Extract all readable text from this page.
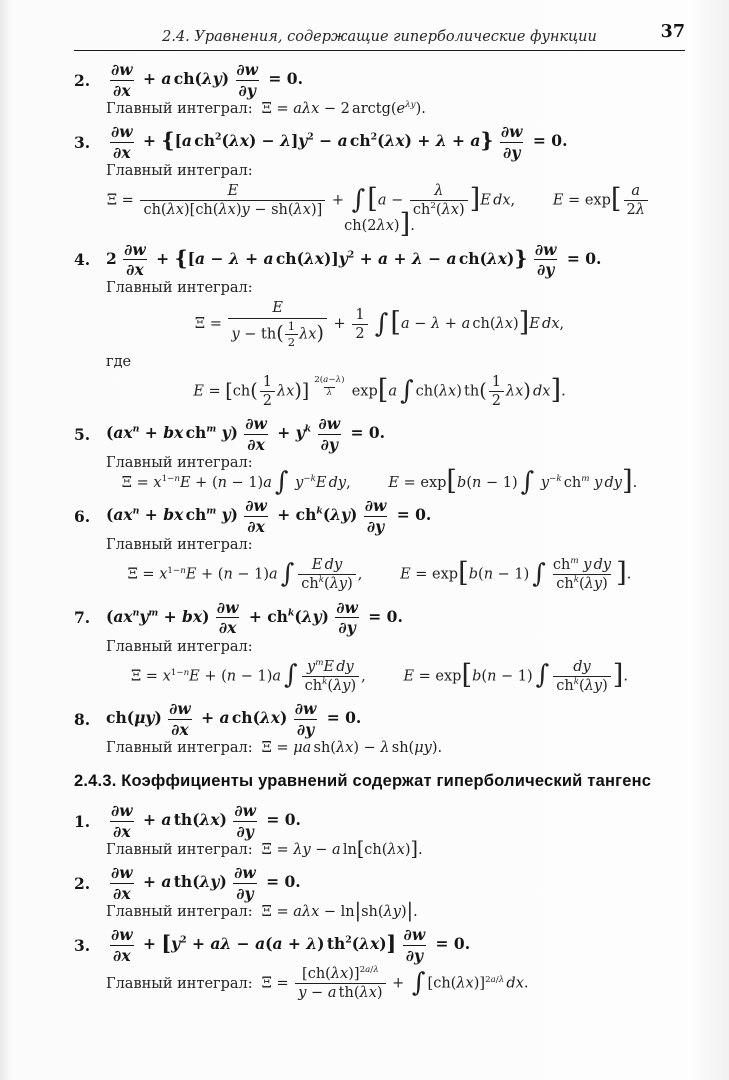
2.4. Уравнения, содержащие гиперболические функции	37
2.	$\frac{\partial w}{\partial x} + a$ $ch(\lambda y) \frac{\partial w}{\partial y} = 0$.
Главный интеграл: Ξ = aλx − 2 $arctg(e^{\lambda y})$.
3.	$\frac{\partial w}{\partial x} + \{[a$ $ch^2(\lambda x) - \lambda]y^2 - a$ $ch^2(\lambda x) + \lambda + a\} \frac{\partial w}{\partial y} = 0$.
Главный интеграл:
$\Xi = \frac{E}{ch(\lambda x)[ch(\lambda x)y - sh(\lambda x)]} + \int[a - \frac{\lambda}{ch^2(\lambda x)} ]E$ dx,	$E = \exp[ \frac{a}{2\lambda}$
ch(2λx)].
4.	$2 \frac{\partial w}{\partial x} + \{[a - \lambda + a$ $ch(\lambda x)]y^2 + a + \lambda - a$ $ch(\lambda x)\} \frac{\partial w}{\partial y} = 0$.
Главный интеграл:
$\Xi = \frac{E}{y - th( \frac{1}{2} \lambda x)} + \frac{1}{2} \int[a - \lambda + a$ ch(λx)]E dx,
где
$E = [ch( \frac{1}{2} \lambda x)]$ $^{\frac{2(a-\lambda)}{\lambda}}$ exp[a ∫ ch(λx) $th( \frac{1}{2} \lambda x)$ dx].
5.	($ax^n$ + bx $ch^m$ $y) \frac{\partial w}{\partial x} + y^k \frac{\partial w}{\partial y} = 0$.
Главный интеграл:
$\Xi = x^{1-n}E + (n - 1)a$ ∫ $y^{-k}E$ dy,	E = exp[b(n − 1) ∫ $y^{-k}$ $ch^m$ y dy].
6.	($ax^n$ + bx $ch^m$ $y) \frac{\partial w}{\partial x} + ch^k(\lambda y) \frac{\partial w}{\partial y} = 0$.
Главный интеграл:
$\Xi = x^{1-n}E + (n - 1)a$ ∫ $\frac{\text{E dy}}{ch^k(\lambda y)}$ ,	E = exp[b(n − 1) ∫ $\frac{ch^m y dy}{ch^k(\lambda y)}$ ].
7.	$(ax^ny^m + bx) \frac{\partial w}{\partial x} + ch^k(\lambda y) \frac{\partial w}{\partial y} = 0$.
Главный интеграл:
$\Xi = x^{1-n}E + (n - 1)a$ ∫ $\frac{y^mE dy}{ch^k(\lambda y)}$ ,	E = exp[b(n − 1) ∫ $\frac{dy}{ch^k(\lambda y)}$ ].
8.	$ch(\mu y) \frac{\partial w}{\partial x} + a$ $ch(\lambda x) \frac{\partial w}{\partial y} = 0$.
Главный интеграл: Ξ = μa sh(λx) − λ sh(μy).
2.4.3. Коэффициенты уравнений содержат гиперболический тангенс
1.	$\frac{\partial w}{\partial x} + a$ $th(\lambda x) \frac{\partial w}{\partial y} = 0$.
Главный интеграл: Ξ = λy − a ln[ch(λx)].
2.	$\frac{\partial w}{\partial x} + a$ $th(\lambda y) \frac{\partial w}{\partial y} = 0$.
Главный интеграл: Ξ = aλx − ln|sh(λy)|.
3.	$\frac{\partial w}{\partial x} + [y^2 + a\lambda - a(a + \lambda)$ $th^2(\lambda x)] \frac{\partial w}{\partial y} = 0$.
Главный интеграл: $\Xi = \frac{[ch(\lambda x)]^{2a/\lambda}}{\text{y − a th(λx)}}$ + ∫ $[ch(\lambda x)]^{2a/\lambda}$ dx.
